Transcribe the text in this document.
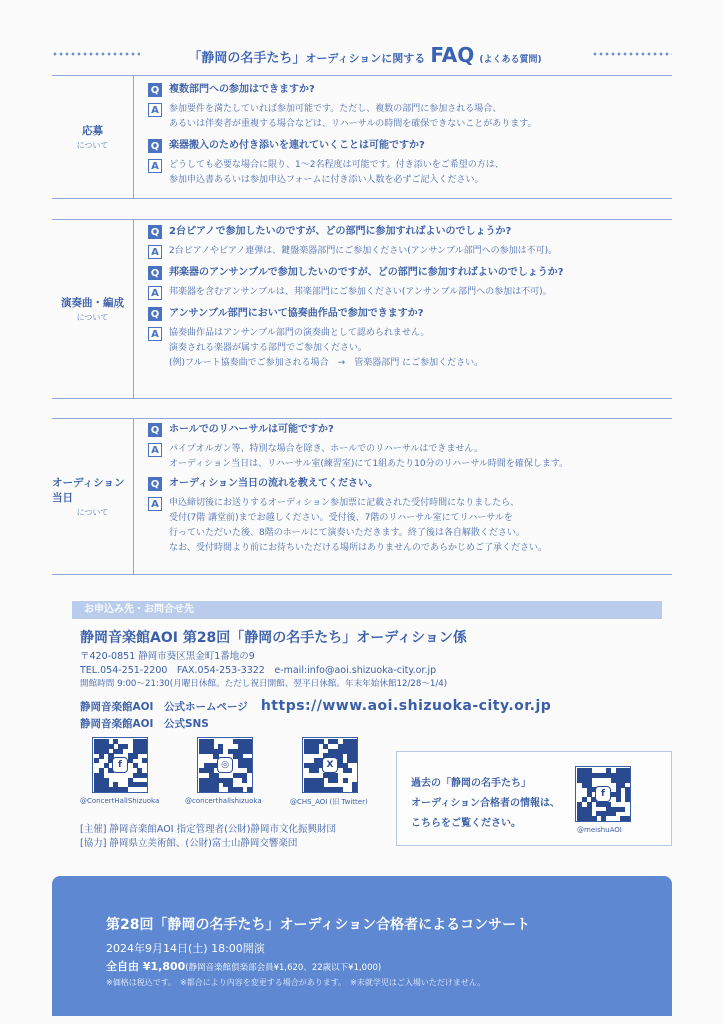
「静岡の名手たち」オーディションに関する FAQ (よくある質問)
応募
について
Q 複数部門への参加はできますか?
A	参加要件を満たしていれば参加可能です。ただし、複数の部門に参加される場合、
あるいは伴奏者が重複する場合などは、リハーサルの時間を確保できないことがあります。
Q 楽器搬入のため付き添いを連れていくことは可能ですか?
A	どうしても必要な場合に限り、1～2名程度は可能です。付き添いをご希望の方は、
参加申込書あるいは参加申込フォームに付き添い人数を必ずご記入ください。
演奏曲・編成
について
Q 2台ピアノで参加したいのですが、どの部門に参加すればよいのでしょうか?
A	2台ピアノやピアノ連弾は、鍵盤楽器部門にご参加ください(アンサンブル部門への参加は不可)。
Q 邦楽器のアンサンブルで参加したいのですが、どの部門に参加すればよいのでしょうか?
A	邦楽器を含むアンサンブルは、邦楽部門にご参加ください(アンサンブル部門への参加は不可)。
Q アンサンブル部門において協奏曲作品で参加できますか?
A	協奏曲作品はアンサンブル部門の演奏曲として認められません。
演奏される楽器が属する部門でご参加ください。
(例)フルート協奏曲でご参加される場合　→　管楽器部門 にご参加ください。
オーディション当日
について
Q ホールでのリハーサルは可能ですか?
A	パイプオルガン等、特別な場合を除き、ホールでのリハーサルはできません。
オーディション当日は、リハーサル室(練習室)にて1組あたり10分のリハーサル時間を確保します。
Q オーディション当日の流れを教えてください。
A	申込締切後にお送りするオーディション参加票に記載された受付時間になりましたら、
受付(7階 講堂前)までお越しください。受付後、7階のリハーサル室にてリハーサルを
行っていただいた後、8階のホールにて演奏いただきます。終了後は各自解散ください。
なお、受付時間より前にお待ちいただける場所はありませんのであらかじめご了承ください。
お申込み先・お問合せ先
静岡音楽館AOI 第28回「静岡の名手たち」オーディション係
〒420-0851 静岡市葵区黒金町1番地の9
TEL.054-251-2200　FAX.054-253-3322　e-mail:info@aoi.shizuoka-city.or.jp
開館時間 9:00～21:30(月曜日休館。ただし祝日開館、翌平日休館。年末年始休館12/28～1/4)
静岡音楽館AOI　公式ホームページ https://www.aoi.shizuoka-city.or.jp
静岡音楽館AOI　公式SNS
f
@ConcertHallShizuoka
◎
@concerthallshizuoka
X
@CHS_AOI (旧 Twitter)
過去の「静岡の名手たち」
オーディション合格者の情報は、
こちらをご覧ください。
f
@meishuAOI
[主催] 静岡音楽館AOI 指定管理者(公財)静岡市文化振興財団
[協力] 静岡県立美術館、(公財)富士山静岡交響楽団
第28回「静岡の名手たち」オーディション合格者によるコンサート
2024年9月14日(土) 18:00開演
全自由 ¥1,800(静岡音楽館倶楽部会員¥1,620、22歳以下¥1,000)
※価格は税込です。　※都合により内容を変更する場合があります。　※未就学児はご入場いただけません。
